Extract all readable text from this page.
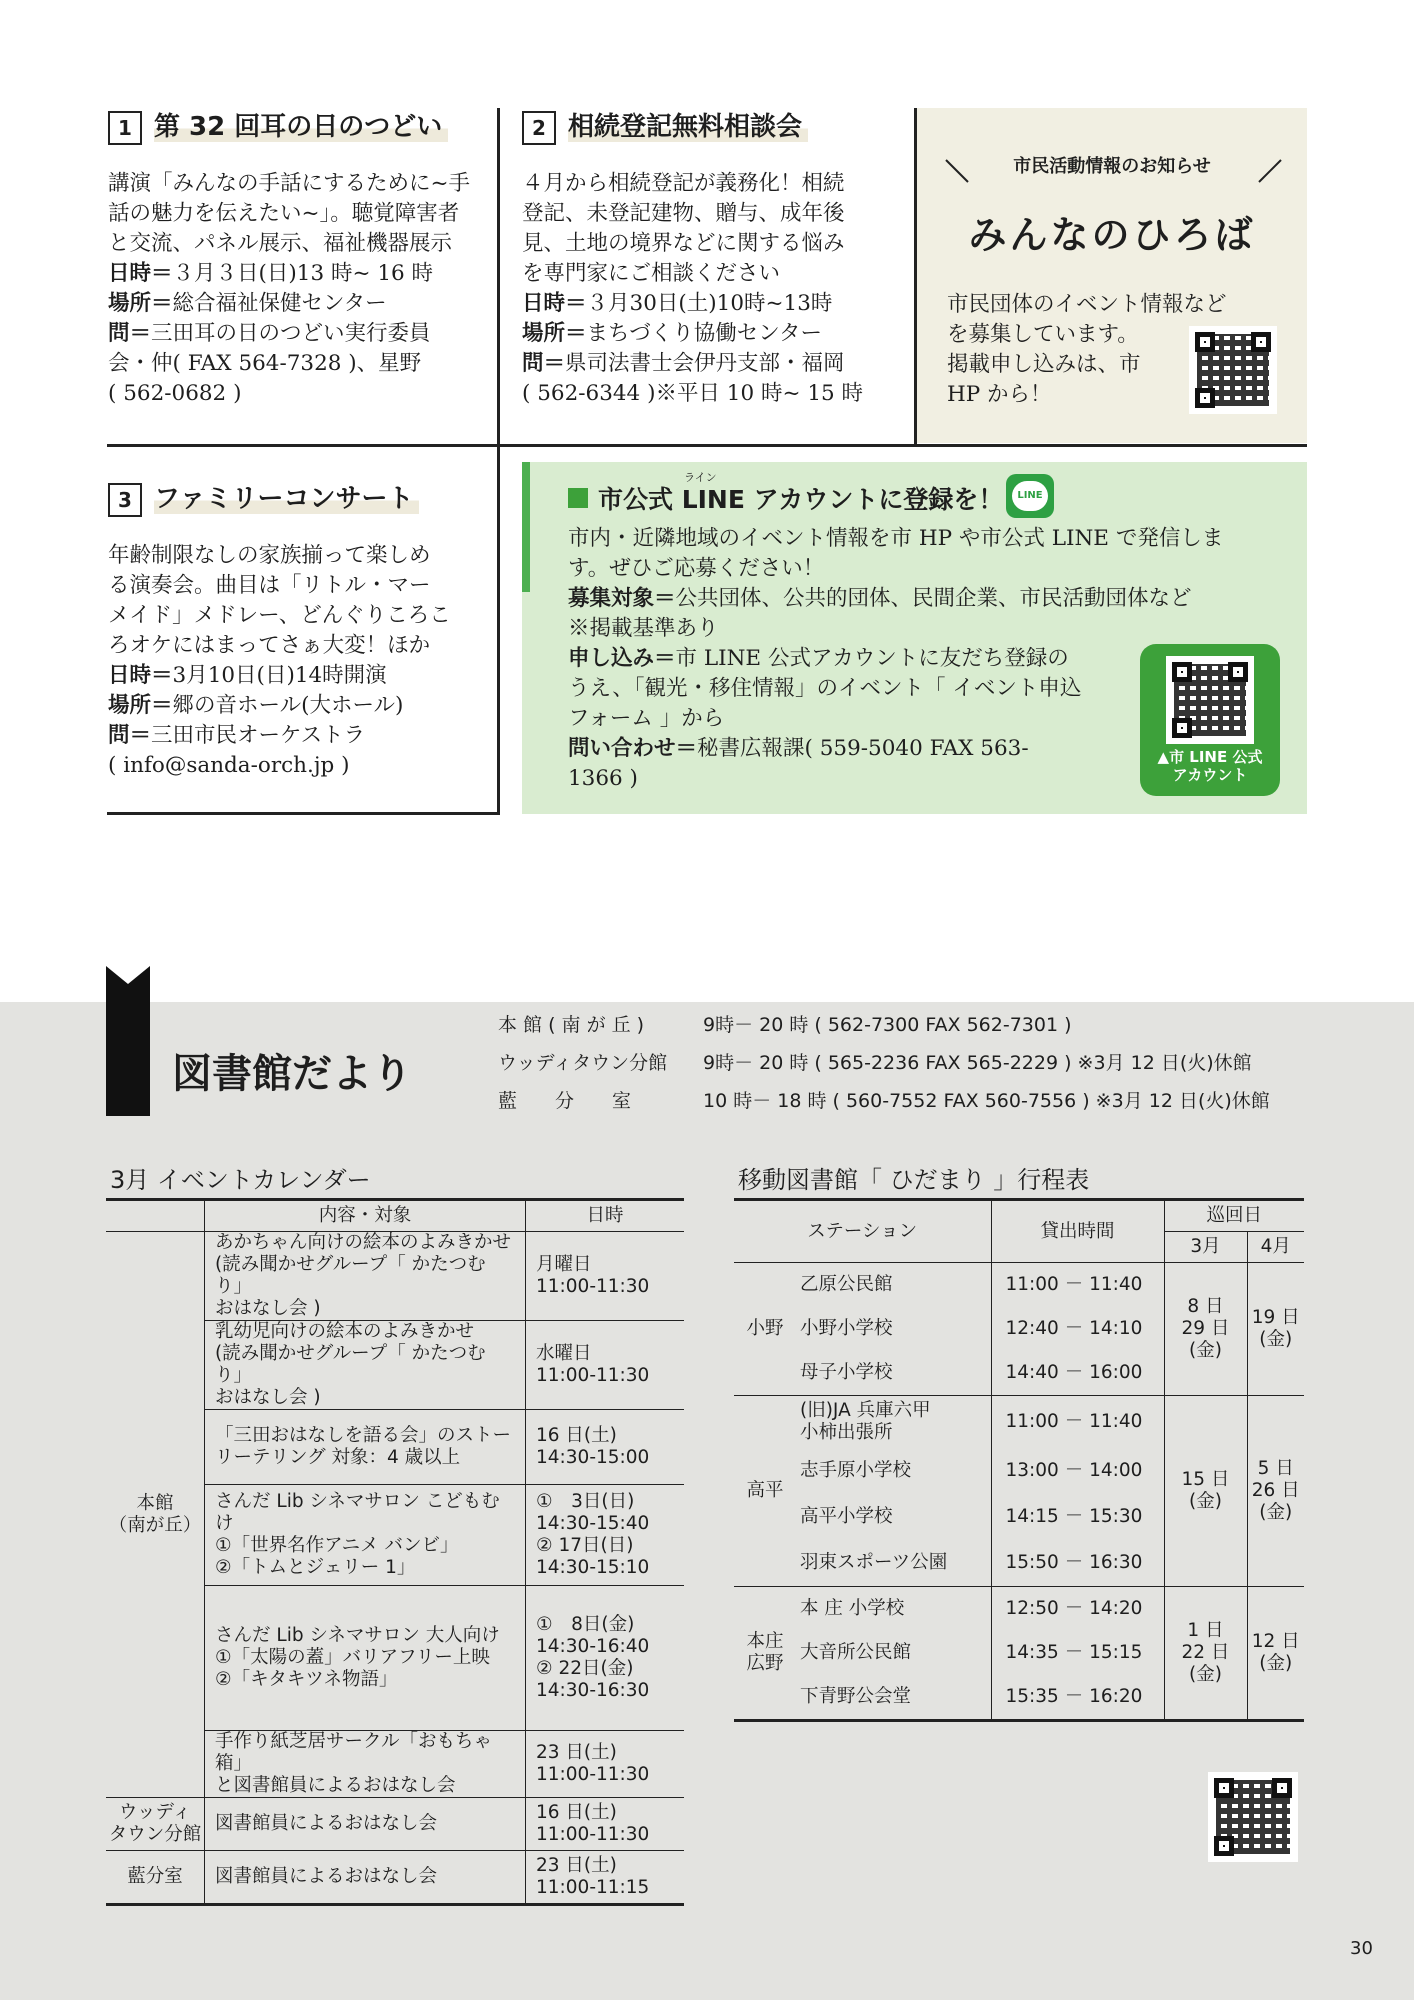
1 第 32 回耳の日のつどい

講演「みんなの手話にするために~手

話の魅力を伝えたい~」。聴覚障害者

と交流、パネル展示、福祉機器展示

日時＝３月３日(日)13 時~ 16 時

場所＝総合福祉保健センター

問＝三田耳の日のつどい実行委員

会・仲( FAX 564-7328 )、星野

( 562-0682 )

2 相続登記無料相談会

４月から相続登記が義務化！相続

登記、未登記建物、贈与、成年後

見、土地の境界などに関する悩み

を専門家にご相談ください

日時＝３月30日(土)10時~13時

場所＝まちづくり協働センター

問＝県司法書士会伊丹支部・福岡

( 562-6344 )※平日 10 時~ 15 時

3 ファミリーコンサート

年齢制限なしの家族揃って楽しめ

る演奏会。曲目は「リトル・マー

メイド」メドレー、どんぐりころこ

ろオケにはまってさぁ大変！ほか

日時＝3月10日(日)14時開演

場所＝郷の音ホール(大ホール)

問＝三田市民オーケストラ

( info@sanda-orch.jp )

市民活動情報のお知らせ
みんなのひろば

市民団体のイベント情報など

を募集しています。

掲載申し込みは、市

HP から！

ライン
市公式 LINE アカウントに登録を！	LINE

市内・近隣地域のイベント情報を市 HP や市公式 LINE で発信しま

す。ぜひご応募ください！

募集対象＝公共団体、公共的団体、民間企業、市民活動団体など

※掲載基準あり

申し込み＝市 LINE 公式アカウントに友だち登録の

うえ、「観光・移住情報」のイベント「 イベント申込

フォーム 」から

問い合わせ＝秘書広報課( 559-5040 FAX 563-

1366 )

▲市 LINE 公式
アカウント
図書館だより
本 館 ( 南 が 丘 )	9時－ 20 時 ( 562-7300 FAX 562-7301 )
ウッディタウン分館 9時－ 20 時 ( 565-2236 FAX 565-2229 ) ※3月 12 日(火)休館
藍　　分　　室	10 時－ 18 時 ( 560-7552 FAX 560-7556 ) ※3月 12 日(火)休館
3月 イベントカレンダー
	内容・対象	日時
本館
（南が丘）	あかちゃん向けの絵本のよみきかせ
(読み聞かせグループ「 かたつむり」
おはなし会 )	月曜日
11:00-11:30
	乳幼児向けの絵本のよみきかせ
(読み聞かせグループ「 かたつむり」
おはなし会 )	水曜日
11:00-11:30
	「三田おはなしを語る会」のストー
リーテリング 対象：4 歳以上	16 日(土)
14:30-15:00
	さんだ Lib シネマサロン こどもむけ
①「世界名作アニメ バンビ」
②「トムとジェリー 1」	①　3日(日)
14:30-15:40
② 17日(日)
14:30-15:10
	さんだ Lib シネマサロン 大人向け
①「太陽の蓋」バリアフリー上映
②「キタキツネ物語」	①　8日(金)
14:30-16:40
② 22日(金)
14:30-16:30
	手作り紙芝居サークル「おもちゃ箱」
と図書館員によるおはなし会	23 日(土)
11:00-11:30
ウッディ
タウン分館	図書館員によるおはなし会	16 日(土)
11:00-11:30
藍分室	図書館員によるおはなし会	23 日(土)
11:00-11:15
移動図書館「 ひだまり 」行程表
ステーション		貸出時間	巡回日	
			3月	4月
小野	乙原公民館	11:00 － 11:40	8 日
29 日
(金)	19 日
(金)
	小野小学校	12:40 － 14:10		
	母子小学校	14:40 － 16:00		
高平	(旧)JA 兵庫六甲
小柿出張所	11:00 － 11:40	15 日
(金)	5 日
26 日
(金)
	志手原小学校	13:00 － 14:00		
	高平小学校	14:15 － 15:30		
	羽束スポーツ公園	15:50 － 16:30		
本庄
広野	本 庄 小学校	12:50 － 14:20	1 日
22 日
(金)	12 日
(金)
	大音所公民館	14:35 － 15:15		
	下青野公会堂	15:35 － 16:20		
30
